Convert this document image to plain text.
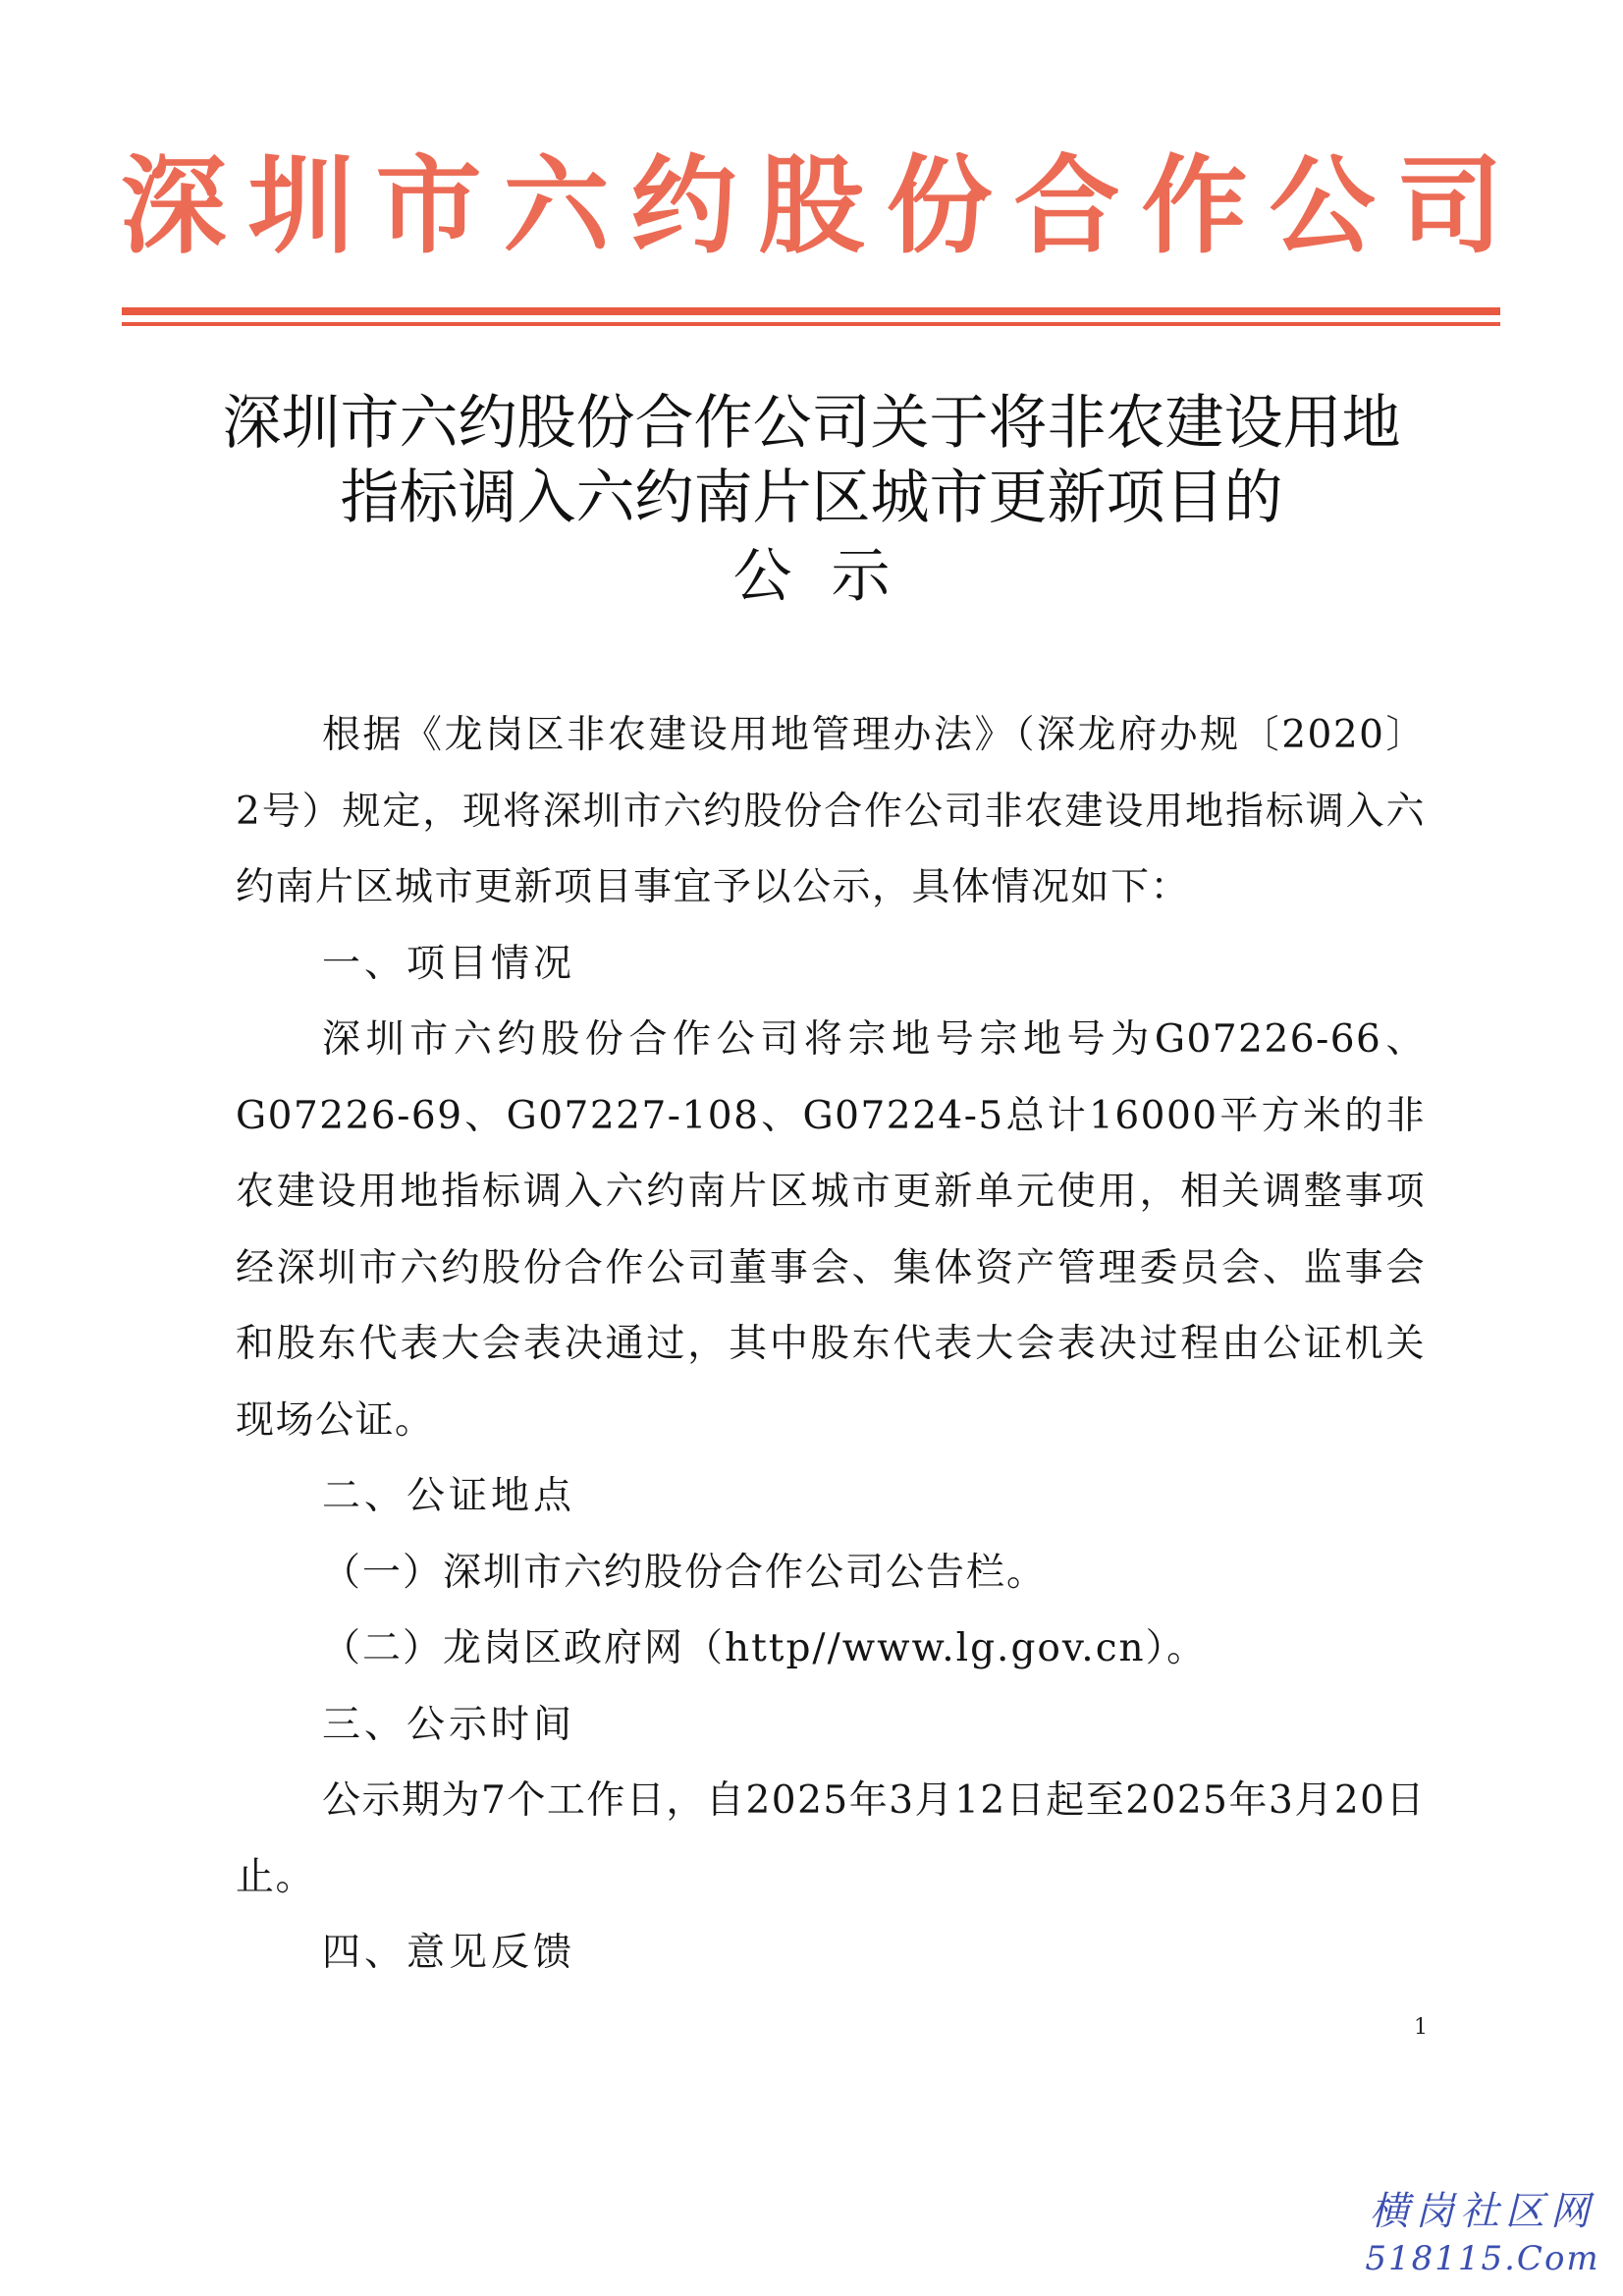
深圳市六约股份合作公司
深圳市六约股份合作公司关于将非农建设用地
指标调入六约南片区城市更新项目的
公示

根据《龙岗区非农建设用地管理办法》（深龙府办规〔2020〕2号）规定，现将深圳市六约股份合作公司非农建设用地指标调入六约南片区城市更新项目事宜予以公示，具体情况如下：

一、项目情况

深圳市六约股份合作公司将宗地号宗地号为G07226-66、G07226-69、G07227-108、G07224-5总计16000平方米的非农建设用地指标调入六约南片区城市更新单元使用，相关调整事项经深圳市六约股份合作公司董事会、集体资产管理委员会、监事会和股东代表大会表决通过，其中股东代表大会表决过程由公证机关现场公证。

二、公证地点

（一）深圳市六约股份合作公司公告栏。

（二）龙岗区政府网（http//www.lg.gov.cn）。

三、公示时间

公示期为7个工作日，自2025年3月12日起至2025年3月20日止。

四、意见反馈

1
横岗社区网
518115.Com
